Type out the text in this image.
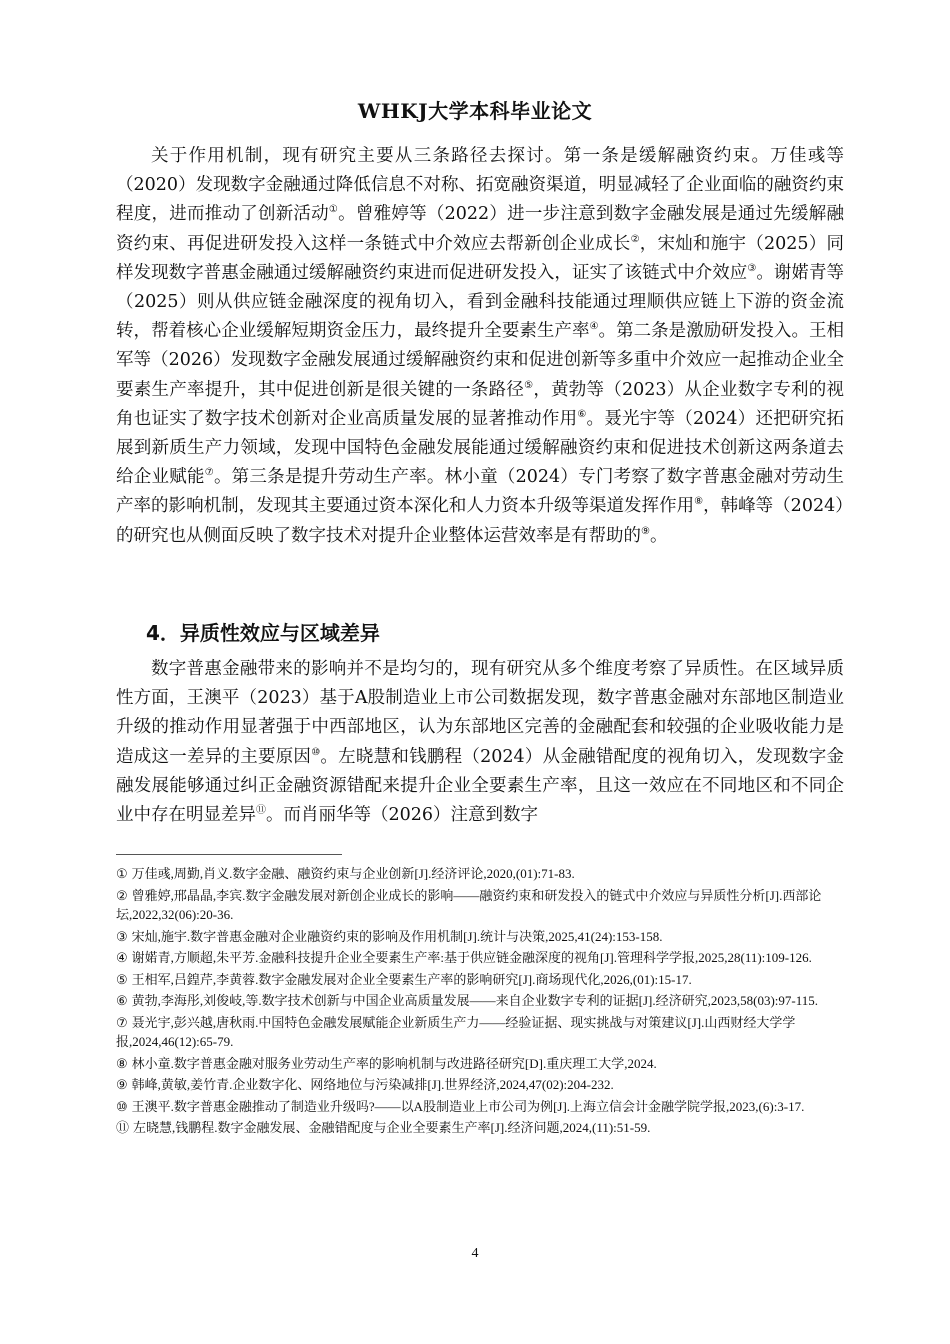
WHKJ大学本科毕业论文

关于作用机制，现有研究主要从三条路径去探讨。第一条是缓解融资约束。万佳彧等（2020）发现数字金融通过降低信息不对称、拓宽融资渠道，明显减轻了企业面临的融资约束程度，进而推动了创新活动①。曾雅婷等（2022）进一步注意到数字金融发展是通过先缓解融资约束、再促进研发投入这样一条链式中介效应去帮新创企业成长②，宋灿和施宇（2025）同样发现数字普惠金融通过缓解融资约束进而促进研发投入，证实了该链式中介效应③。谢婼青等（2025）则从供应链金融深度的视角切入，看到金融科技能通过理顺供应链上下游的资金流转，帮着核心企业缓解短期资金压力，最终提升全要素生产率④。第二条是激励研发投入。王相军等（2026）发现数字金融发展通过缓解融资约束和促进创新等多重中介效应一起推动企业全要素生产率提升，其中促进创新是很关键的一条路径⑤，黄勃等（2023）从企业数字专利的视角也证实了数字技术创新对企业高质量发展的显著推动作用⑥。聂光宇等（2024）还把研究拓展到新质生产力领域，发现中国特色金融发展能通过缓解融资约束和促进技术创新这两条道去给企业赋能⑦。第三条是提升劳动生产率。林小童（2024）专门考察了数字普惠金融对劳动生产率的影响机制，发现其主要通过资本深化和人力资本升级等渠道发挥作用⑧，韩峰等（2024）的研究也从侧面反映了数字技术对提升企业整体运营效率是有帮助的⑨。

4．异质性效应与区域差异

数字普惠金融带来的影响并不是均匀的，现有研究从多个维度考察了异质性。在区域异质性方面，王澳平（2023）基于A股制造业上市公司数据发现，数字普惠金融对东部地区制造业升级的推动作用显著强于中西部地区，认为东部地区完善的金融配套和较强的企业吸收能力是造成这一差异的主要原因⑩。左晓慧和钱鹏程（2024）从金融错配度的视角切入，发现数字金融发展能够通过纠正金融资源错配来提升企业全要素生产率，且这一效应在不同地区和不同企业中存在明显差异⑪。而肖丽华等（2026）注意到数字

① 万佳彧,周勤,肖义.数字金融、融资约束与企业创新[J].经济评论,2020,(01):71-83.
② 曾雅婷,邢晶晶,李宾.数字金融发展对新创企业成长的影响——融资约束和研发投入的链式中介效应与异质性分析[J].西部论坛,2022,32(06):20-36.
③ 宋灿,施宇.数字普惠金融对企业融资约束的影响及作用机制[J].统计与决策,2025,41(24):153-158.
④ 谢婼青,方顺超,朱平芳.金融科技提升企业全要素生产率:基于供应链金融深度的视角[J].管理科学学报,2025,28(11):109-126.
⑤ 王相军,吕鍠芹,李黄蓉.数字金融发展对企业全要素生产率的影响研究[J].商场现代化,2026,(01):15-17.
⑥ 黄勃,李海彤,刘俊岐,等.数字技术创新与中国企业高质量发展——来自企业数字专利的证据[J].经济研究,2023,58(03):97-115.
⑦ 聂光宇,彭兴越,唐秋雨.中国特色金融发展赋能企业新质生产力——经验证据、现实挑战与对策建议[J].山西财经大学学报,2024,46(12):65-79.
⑧ 林小童.数字普惠金融对服务业劳动生产率的影响机制与改进路径研究[D].重庆理工大学,2024.
⑨ 韩峰,黄敏,姜竹青.企业数字化、网络地位与污染减排[J].世界经济,2024,47(02):204-232.
⑩ 王澳平.数字普惠金融推动了制造业升级吗?——以A股制造业上市公司为例[J].上海立信会计金融学院学报,2023,(6):3-17.
⑪ 左晓慧,钱鹏程.数字金融发展、金融错配度与企业全要素生产率[J].经济问题,2024,(11):51-59.
4
